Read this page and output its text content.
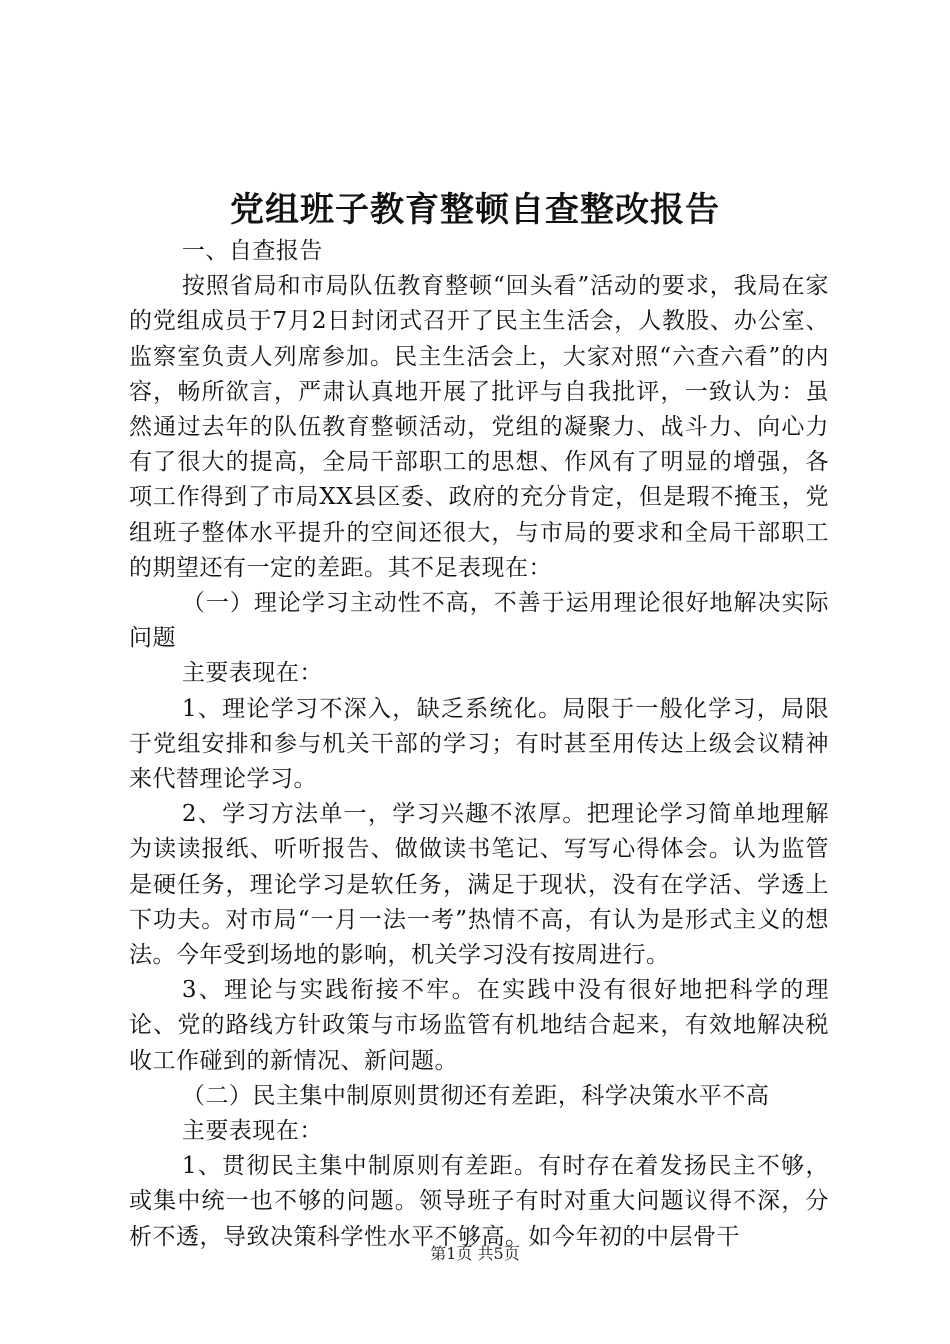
党组班子教育整顿自查整改报告

一、自查报告

按照省局和市局队伍教育整顿“回头看”活动的要求，我局在家的党组成员于7月2日封闭式召开了民主生活会，人教股、办公室、监察室负责人列席参加。民主生活会上，大家对照“六查六看”的内容，畅所欲言，严肃认真地开展了批评与自我批评，一致认为：虽然通过去年的队伍教育整顿活动，党组的凝聚力、战斗力、向心力有了很大的提高，全局干部职工的思想、作风有了明显的增强，各项工作得到了市局XX县区委、政府的充分肯定，但是瑕不掩玉，党组班子整体水平提升的空间还很大，与市局的要求和全局干部职工的期望还有一定的差距。其不足表现在：

（一）理论学习主动性不高，不善于运用理论很好地解决实际问题

主要表现在：

1、理论学习不深入，缺乏系统化。局限于一般化学习，局限于党组安排和参与机关干部的学习；有时甚至用传达上级会议精神来代替理论学习。

2、学习方法单一，学习兴趣不浓厚。把理论学习简单地理解为读读报纸、听听报告、做做读书笔记、写写心得体会。认为监管是硬任务，理论学习是软任务，满足于现状，没有在学活、学透上下功夫。对市局“一月一法一考”热情不高，有认为是形式主义的想法。今年受到场地的影响，机关学习没有按周进行。

3、理论与实践衔接不牢。在实践中没有很好地把科学的理论、党的路线方针政策与市场监管有机地结合起来，有效地解决税收工作碰到的新情况、新问题。

（二）民主集中制原则贯彻还有差距，科学决策水平不高

主要表现在：

1、贯彻民主集中制原则有差距。有时存在着发扬民主不够，或集中统一也不够的问题。领导班子有时对重大问题议得不深，分析不透，导致决策科学性水平不够高。如今年初的中层骨干

第1页 共5页
